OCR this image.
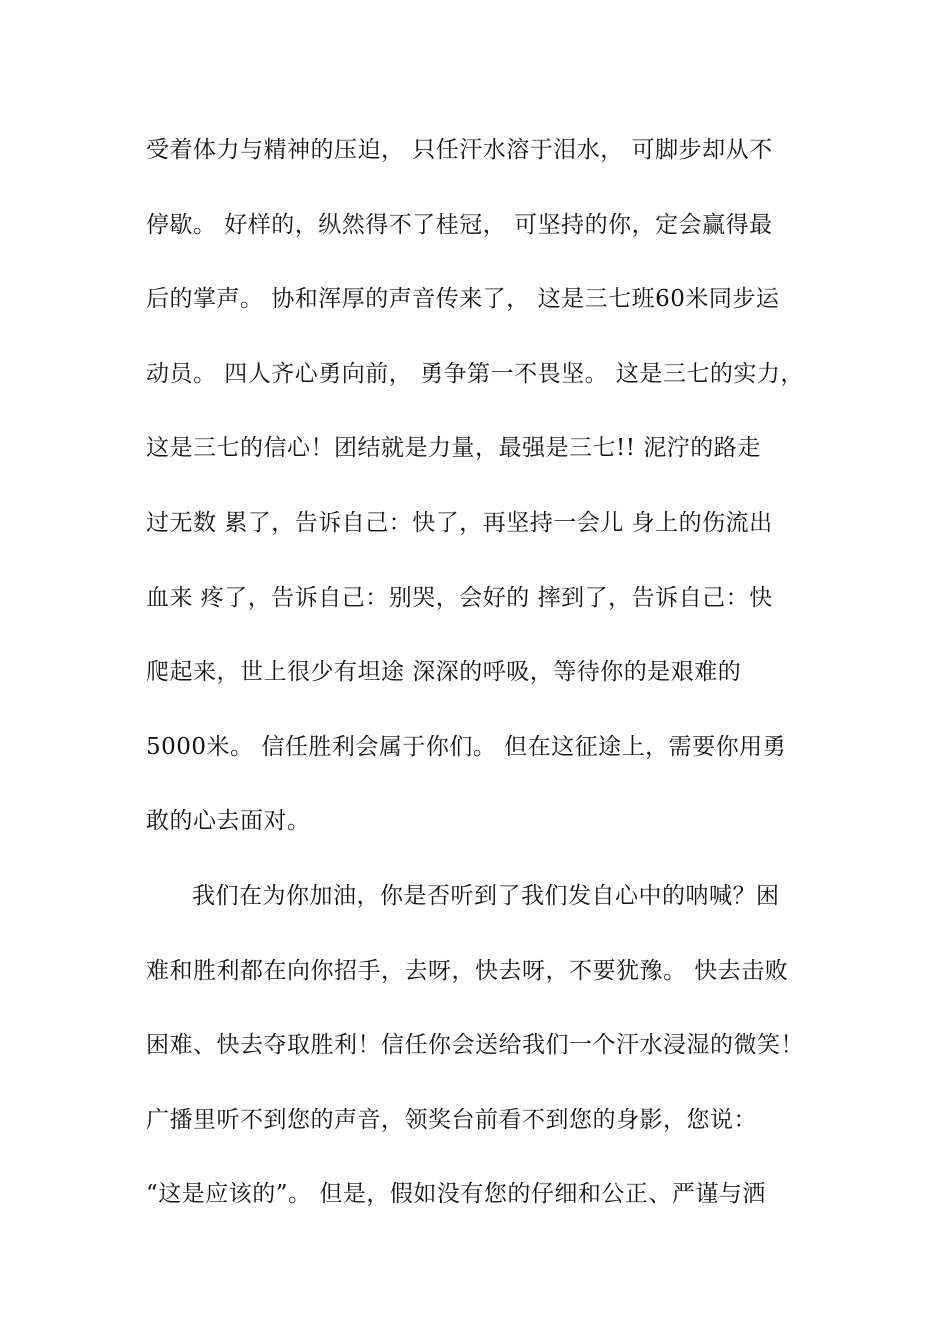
受着体力与精神的压迫， 只任汗水溶于泪水， 可脚步却从不
停歇。 好样的，纵然得不了桂冠， 可坚持的你，定会赢得最
后的掌声。 协和浑厚的声音传来了， 这是三七班60米同步运
动员。 四人齐心勇向前， 勇争第一不畏坚。 这是三七的实力，
这是三七的信心！团结就是力量，最强是三七!! 泥泞的路走
过无数 累了，告诉自己：快了，再坚持一会儿 身上的伤流出
血来 疼了，告诉自己：别哭，会好的 摔到了，告诉自己：快
爬起来，世上很少有坦途 深深的呼吸，等待你的是艰难的
5000米。 信任胜利会属于你们。 但在这征途上，需要你用勇
敢的心去面对。
我们在为你加油，你是否听到了我们发自心中的呐喊？困
难和胜利都在向你招手，去呀，快去呀，不要犹豫。 快去击败
困难、快去夺取胜利！信任你会送给我们一个汗水浸湿的微笑！
广播里听不到您的声音，领奖台前看不到您的身影，您说：
“这是应该的”。 但是，假如没有您的仔细和公正、严谨与洒
